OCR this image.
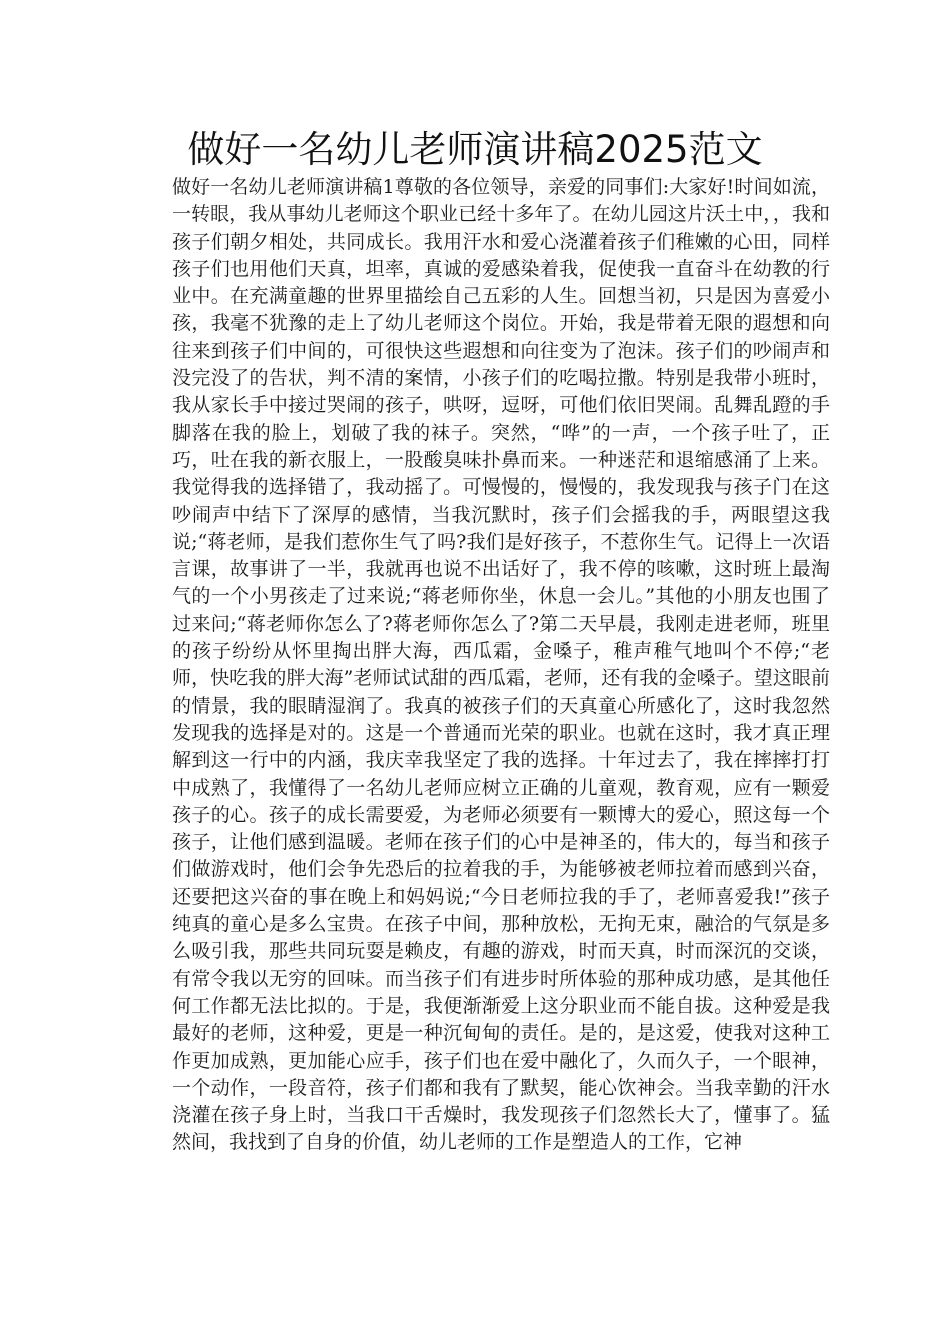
做好一名幼儿老师演讲稿2025范文

做好一名幼儿老师演讲稿1尊敬的各位领导，亲爱的同事们:大家好!时间如流，一转眼，我从事幼儿老师这个职业已经十多年了。在幼儿园这片沃土中，，我和孩子们朝夕相处，共同成长。我用汗水和爱心浇灌着孩子们稚嫩的心田，同样孩子们也用他们天真，坦率，真诚的爱感染着我，促使我一直奋斗在幼教的行业中。在充满童趣的世界里描绘自己五彩的人生。回想当初，只是因为喜爱小孩，我毫不犹豫的走上了幼儿老师这个岗位。开始，我是带着无限的遐想和向往来到孩子们中间的，可很快这些遐想和向往变为了泡沫。孩子们的吵闹声和没完没了的告状，判不清的案情，小孩子们的吃喝拉撒。特别是我带小班时，我从家长手中接过哭闹的孩子，哄呀，逗呀，可他们依旧哭闹。乱舞乱蹬的手脚落在我的脸上，划破了我的袜子。突然，“哗”的一声，一个孩子吐了，正巧，吐在我的新衣服上，一股酸臭味扑鼻而来。一种迷茫和退缩感涌了上来。我觉得我的选择错了，我动摇了。可慢慢的，慢慢的，我发现我与孩子门在这吵闹声中结下了深厚的感情，当我沉默时，孩子们会摇我的手，两眼望这我说;“蒋老师，是我们惹你生气了吗?我们是好孩子，不惹你生气。记得上一次语言课，故事讲了一半，我就再也说不出话好了，我不停的咳嗽，这时班上最淘气的一个小男孩走了过来说;“蒋老师你坐，休息一会儿。”其他的小朋友也围了过来问;“蒋老师你怎么了?蒋老师你怎么了?第二天早晨，我刚走进老师，班里的孩子纷纷从怀里掏出胖大海，西瓜霜，金嗓子，稚声稚气地叫个不停;“老师，快吃我的胖大海”老师试试甜的西瓜霜，老师，还有我的金嗓子。望这眼前的情景，我的眼睛湿润了。我真的被孩子们的天真童心所感化了，这时我忽然发现我的选择是对的。这是一个普通而光荣的职业。也就在这时，我才真正理解到这一行中的内涵，我庆幸我坚定了我的选择。十年过去了，我在摔摔打打中成熟了，我懂得了一名幼儿老师应树立正确的儿童观，教育观，应有一颗爱孩子的心。孩子的成长需要爱，为老师必须要有一颗博大的爱心，照这每一个孩子，让他们感到温暖。老师在孩子们的心中是神圣的，伟大的，每当和孩子们做游戏时，他们会争先恐后的拉着我的手，为能够被老师拉着而感到兴奋，还要把这兴奋的事在晚上和妈妈说;“今日老师拉我的手了，老师喜爱我!”孩子纯真的童心是多么宝贵。在孩子中间，那种放松，无拘无束，融洽的气氛是多么吸引我，那些共同玩耍是赖皮，有趣的游戏，时而天真，时而深沉的交谈，有常令我以无穷的回味。而当孩子们有进步时所体验的那种成功感，是其他任何工作都无法比拟的。于是，我便渐渐爱上这分职业而不能自拔。这种爱是我最好的老师，这种爱，更是一种沉甸甸的责任。是的，是这爱，使我对这种工作更加成熟，更加能心应手，孩子们也在爱中融化了，久而久子，一个眼神，一个动作，一段音符，孩子们都和我有了默契，能心饮神会。当我幸勤的汗水浇灌在孩子身上时，当我口干舌燥时，我发现孩子们忽然长大了，懂事了。猛然间，我找到了自身的价值，幼儿老师的工作是塑造人的工作，它神
